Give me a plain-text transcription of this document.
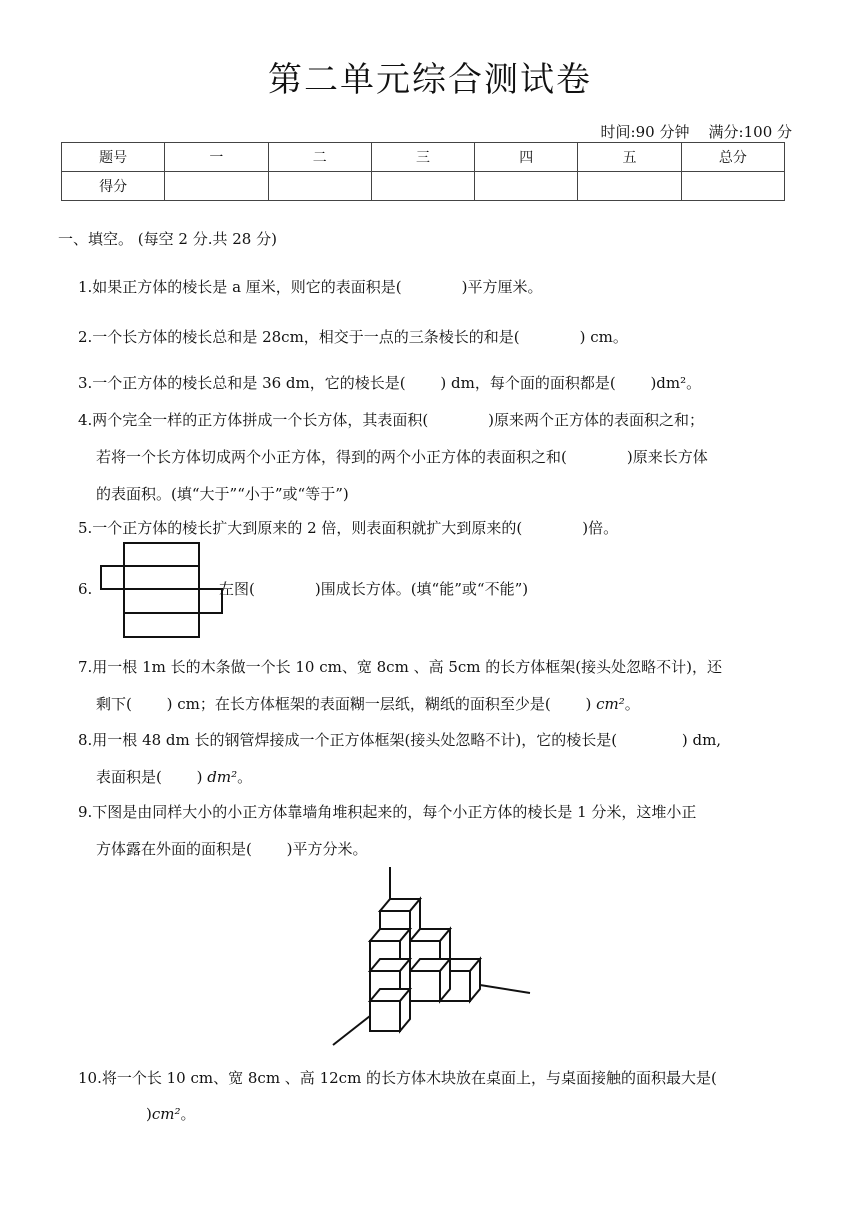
第二单元综合测试卷
时间:90 分钟 满分:100 分
题号	一	二	三	四	五	总分
得分						
一、填空。 (每空 2 分.共 28 分)
1.如果正方体的棱长是 a 厘米，则它的表面积是(　　　　)平方厘米。
2.一个长方体的棱长总和是 28cm，相交于一点的三条棱长的和是(　　　　) cm。
3.一个正方体的棱长总和是 36 dm，它的棱长是(　　 ) dm，每个面的面积都是(　　 )dm²。
4.两个完全一样的正方体拼成一个长方体，其表面积(　　　　)原来两个正方体的表面积之和；
若将一个长方体切成两个小正方体，得到的两个小正方体的表面积之和(　　　　)原来长方体
的表面积。(填“大于”“小于”或“等于”)
5.一个正方体的棱长扩大到原来的 2 倍，则表面积就扩大到原来的(　　　　)倍。
6.	左图(　　　　)围成长方体。(填“能”或“不能”)
7.用一根 1m 长的木条做一个长 10 cm、宽 8cm 、高 5cm 的长方体框架(接头处忽略不计)，还
剩下(　　 ) cm；在长方体框架的表面糊一层纸，糊纸的面积至少是(　　 ) cm²。
8.用一根 48 dm 长的钢管焊接成一个正方体框架(接头处忽略不计)，它的棱长是(　　　　 ) dm,
表面积是(　　 ) dm²。
9.下图是由同样大小的小正方体靠墙角堆积起来的，每个小正方体的棱长是 1 分米，这堆小正
方体露在外面的面积是(　　 )平方分米。
10.将一个长 10 cm、宽 8cm 、高 12cm 的长方体木块放在桌面上，与桌面接触的面积最大是(
)cm²。
